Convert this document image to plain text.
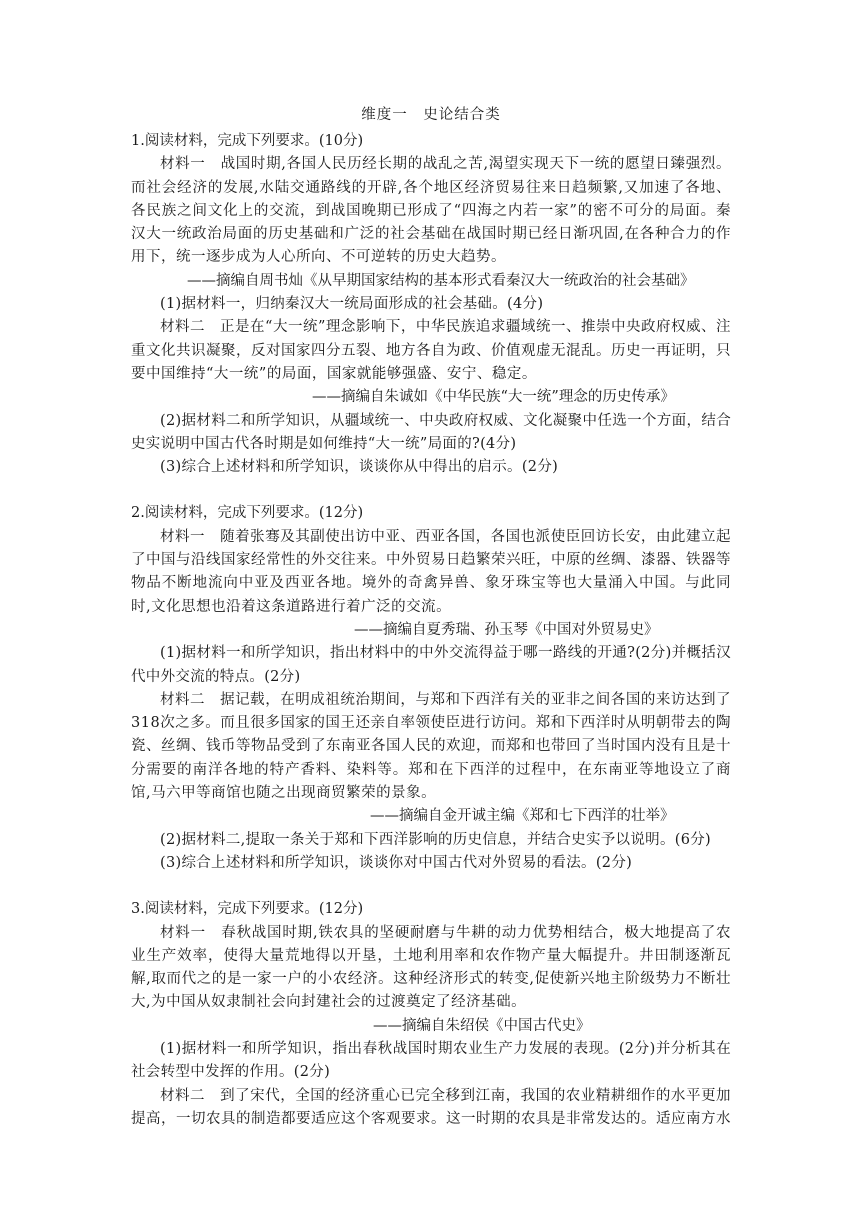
维度一　史论结合类

1.阅读材料，完成下列要求。(10分)

材料一　战国时期,各国人民历经长期的战乱之苦,渴望实现天下一统的愿望日臻强烈。而社会经济的发展,水陆交通路线的开辟,各个地区经济贸易往来日趋频繁,又加速了各地、各民族之间文化上的交流，到战国晚期已形成了“四海之内若一家”的密不可分的局面。秦汉大一统政治局面的历史基础和广泛的社会基础在战国时期已经日渐巩固,在各种合力的作用下，统一逐步成为人心所向、不可逆转的历史大趋势。

——摘编自周书灿《从早期国家结构的基本形式看秦汉大一统政治的社会基础》

(1)据材料一，归纳秦汉大一统局面形成的社会基础。(4分)

材料二　正是在“大一统”理念影响下，中华民族追求疆域统一、推崇中央政府权威、注重文化共识凝聚，反对国家四分五裂、地方各自为政、价值观虚无混乱。历史一再证明，只要中国维持“大一统”的局面，国家就能够强盛、安宁、稳定。

——摘编自朱诚如《中华民族“大一统”理念的历史传承》

(2)据材料二和所学知识，从疆域统一、中央政府权威、文化凝聚中任选一个方面，结合史实说明中国古代各时期是如何维持“大一统”局面的?(4分)

(3)综合上述材料和所学知识，谈谈你从中得出的启示。(2分)

2.阅读材料，完成下列要求。(12分)

材料一　随着张骞及其副使出访中亚、西亚各国，各国也派使臣回访长安，由此建立起了中国与沿线国家经常性的外交往来。中外贸易日趋繁荣兴旺，中原的丝绸、漆器、铁器等物品不断地流向中亚及西亚各地。境外的奇禽异兽、象牙珠宝等也大量涌入中国。与此同时,文化思想也沿着这条道路进行着广泛的交流。

——摘编自夏秀瑞、孙玉琴《中国对外贸易史》

(1)据材料一和所学知识，指出材料中的中外交流得益于哪一路线的开通?(2分)并概括汉代中外交流的特点。(2分)

材料二　据记载，在明成祖统治期间，与郑和下西洋有关的亚非之间各国的来访达到了318次之多。而且很多国家的国王还亲自率领使臣进行访问。郑和下西洋时从明朝带去的陶瓷、丝绸、钱币等物品受到了东南亚各国人民的欢迎，而郑和也带回了当时国内没有且是十分需要的南洋各地的特产香料、染料等。郑和在下西洋的过程中，在东南亚等地设立了商馆,马六甲等商馆也随之出现商贸繁荣的景象。

——摘编自金开诚主编《郑和七下西洋的壮举》

(2)据材料二,提取一条关于郑和下西洋影响的历史信息，并结合史实予以说明。(6分)

(3)综合上述材料和所学知识，谈谈你对中国古代对外贸易的看法。(2分)

3.阅读材料，完成下列要求。(12分)

材料一　春秋战国时期,铁农具的坚硬耐磨与牛耕的动力优势相结合，极大地提高了农业生产效率，使得大量荒地得以开垦，土地利用率和农作物产量大幅提升。井田制逐渐瓦解,取而代之的是一家一户的小农经济。这种经济形式的转变,促使新兴地主阶级势力不断壮大,为中国从奴隶制社会向封建社会的过渡奠定了经济基础。

——摘编自朱绍侯《中国古代史》

(1)据材料一和所学知识，指出春秋战国时期农业生产力发展的表现。(2分)并分析其在社会转型中发挥的作用。(2分)

材料二　到了宋代，全国的经济重心已完全移到江南，我国的农业精耕细作的水平更加提高，一切农具的制造都要适应这个客观要求。这一时期的农具是非常发达的。适应南方水
